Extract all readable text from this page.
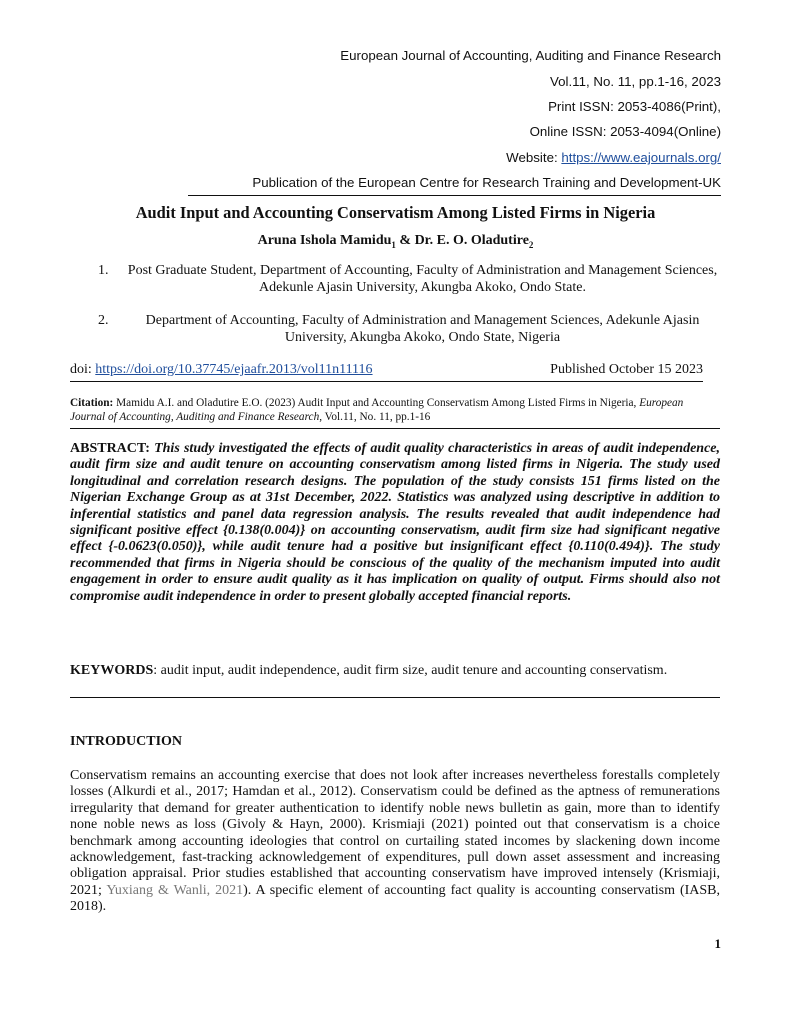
European Journal of Accounting, Auditing and Finance Research
Vol.11, No. 11, pp.1-16, 2023
Print ISSN: 2053-4086(Print),
Online ISSN: 2053-4094(Online)
Website: https://www.eajournals.org/
Publication of the European Centre for Research Training and Development-UK
Audit Input and Accounting Conservatism Among Listed Firms in Nigeria
Aruna Ishola Mamidu$_1$ & Dr. E. O. Oladutire$_2$
1.	Post Graduate Student, Department of Accounting, Faculty of Administration and Management Sciences, Adekunle Ajasin University, Akungba Akoko, Ondo State.
2.	Department of Accounting, Faculty of Administration and Management Sciences, Adekunle Ajasin University, Akungba Akoko, Ondo State, Nigeria
doi: https://doi.org/10.37745/ejaafr.2013/vol11n11116	Published October 15 2023
Citation: Mamidu A.I. and Oladutire E.O. (2023) Audit Input and Accounting Conservatism Among Listed Firms in Nigeria, European Journal of Accounting, Auditing and Finance Research, Vol.11, No. 11, pp.1-16
ABSTRACT: This study investigated the effects of audit quality characteristics in areas of audit independence, audit firm size and audit tenure on accounting conservatism among listed firms in Nigeria. The study used longitudinal and correlation research designs. The population of the study consists 151 firms listed on the Nigerian Exchange Group as at 31st December, 2022. Statistics was analyzed using descriptive in addition to inferential statistics and panel data regression analysis. The results revealed that audit independence had significant positive effect {0.138(0.004)} on accounting conservatism, audit firm size had significant negative effect {-0.0623(0.050)}, while audit tenure had a positive but insignificant effect {0.110(0.494)}. The study recommended that firms in Nigeria should be conscious of the quality of the mechanism imputed into audit engagement in order to ensure audit quality as it has implication on quality of output. Firms should also not compromise audit independence in order to present globally accepted financial reports.
KEYWORDS: audit input, audit independence, audit firm size, audit tenure and accounting conservatism.
INTRODUCTION
Conservatism remains an accounting exercise that does not look after increases nevertheless forestalls completely losses (Alkurdi et al., 2017; Hamdan et al., 2012). Conservatism could be defined as the aptness of remunerations irregularity that demand for greater authentication to identify noble news bulletin as gain, more than to identify none noble news as loss (Givoly & Hayn, 2000). Krismiaji (2021) pointed out that conservatism is a choice benchmark among accounting ideologies that control on curtailing stated incomes by slackening down income acknowledgement, fast-tracking acknowledgement of expenditures, pull down asset assessment and increasing obligation appraisal. Prior studies established that accounting conservatism have improved intensely (Krismiaji, 2021; Yuxiang & Wanli, 2021). A specific element of accounting fact quality is accounting conservatism (IASB, 2018).
1
